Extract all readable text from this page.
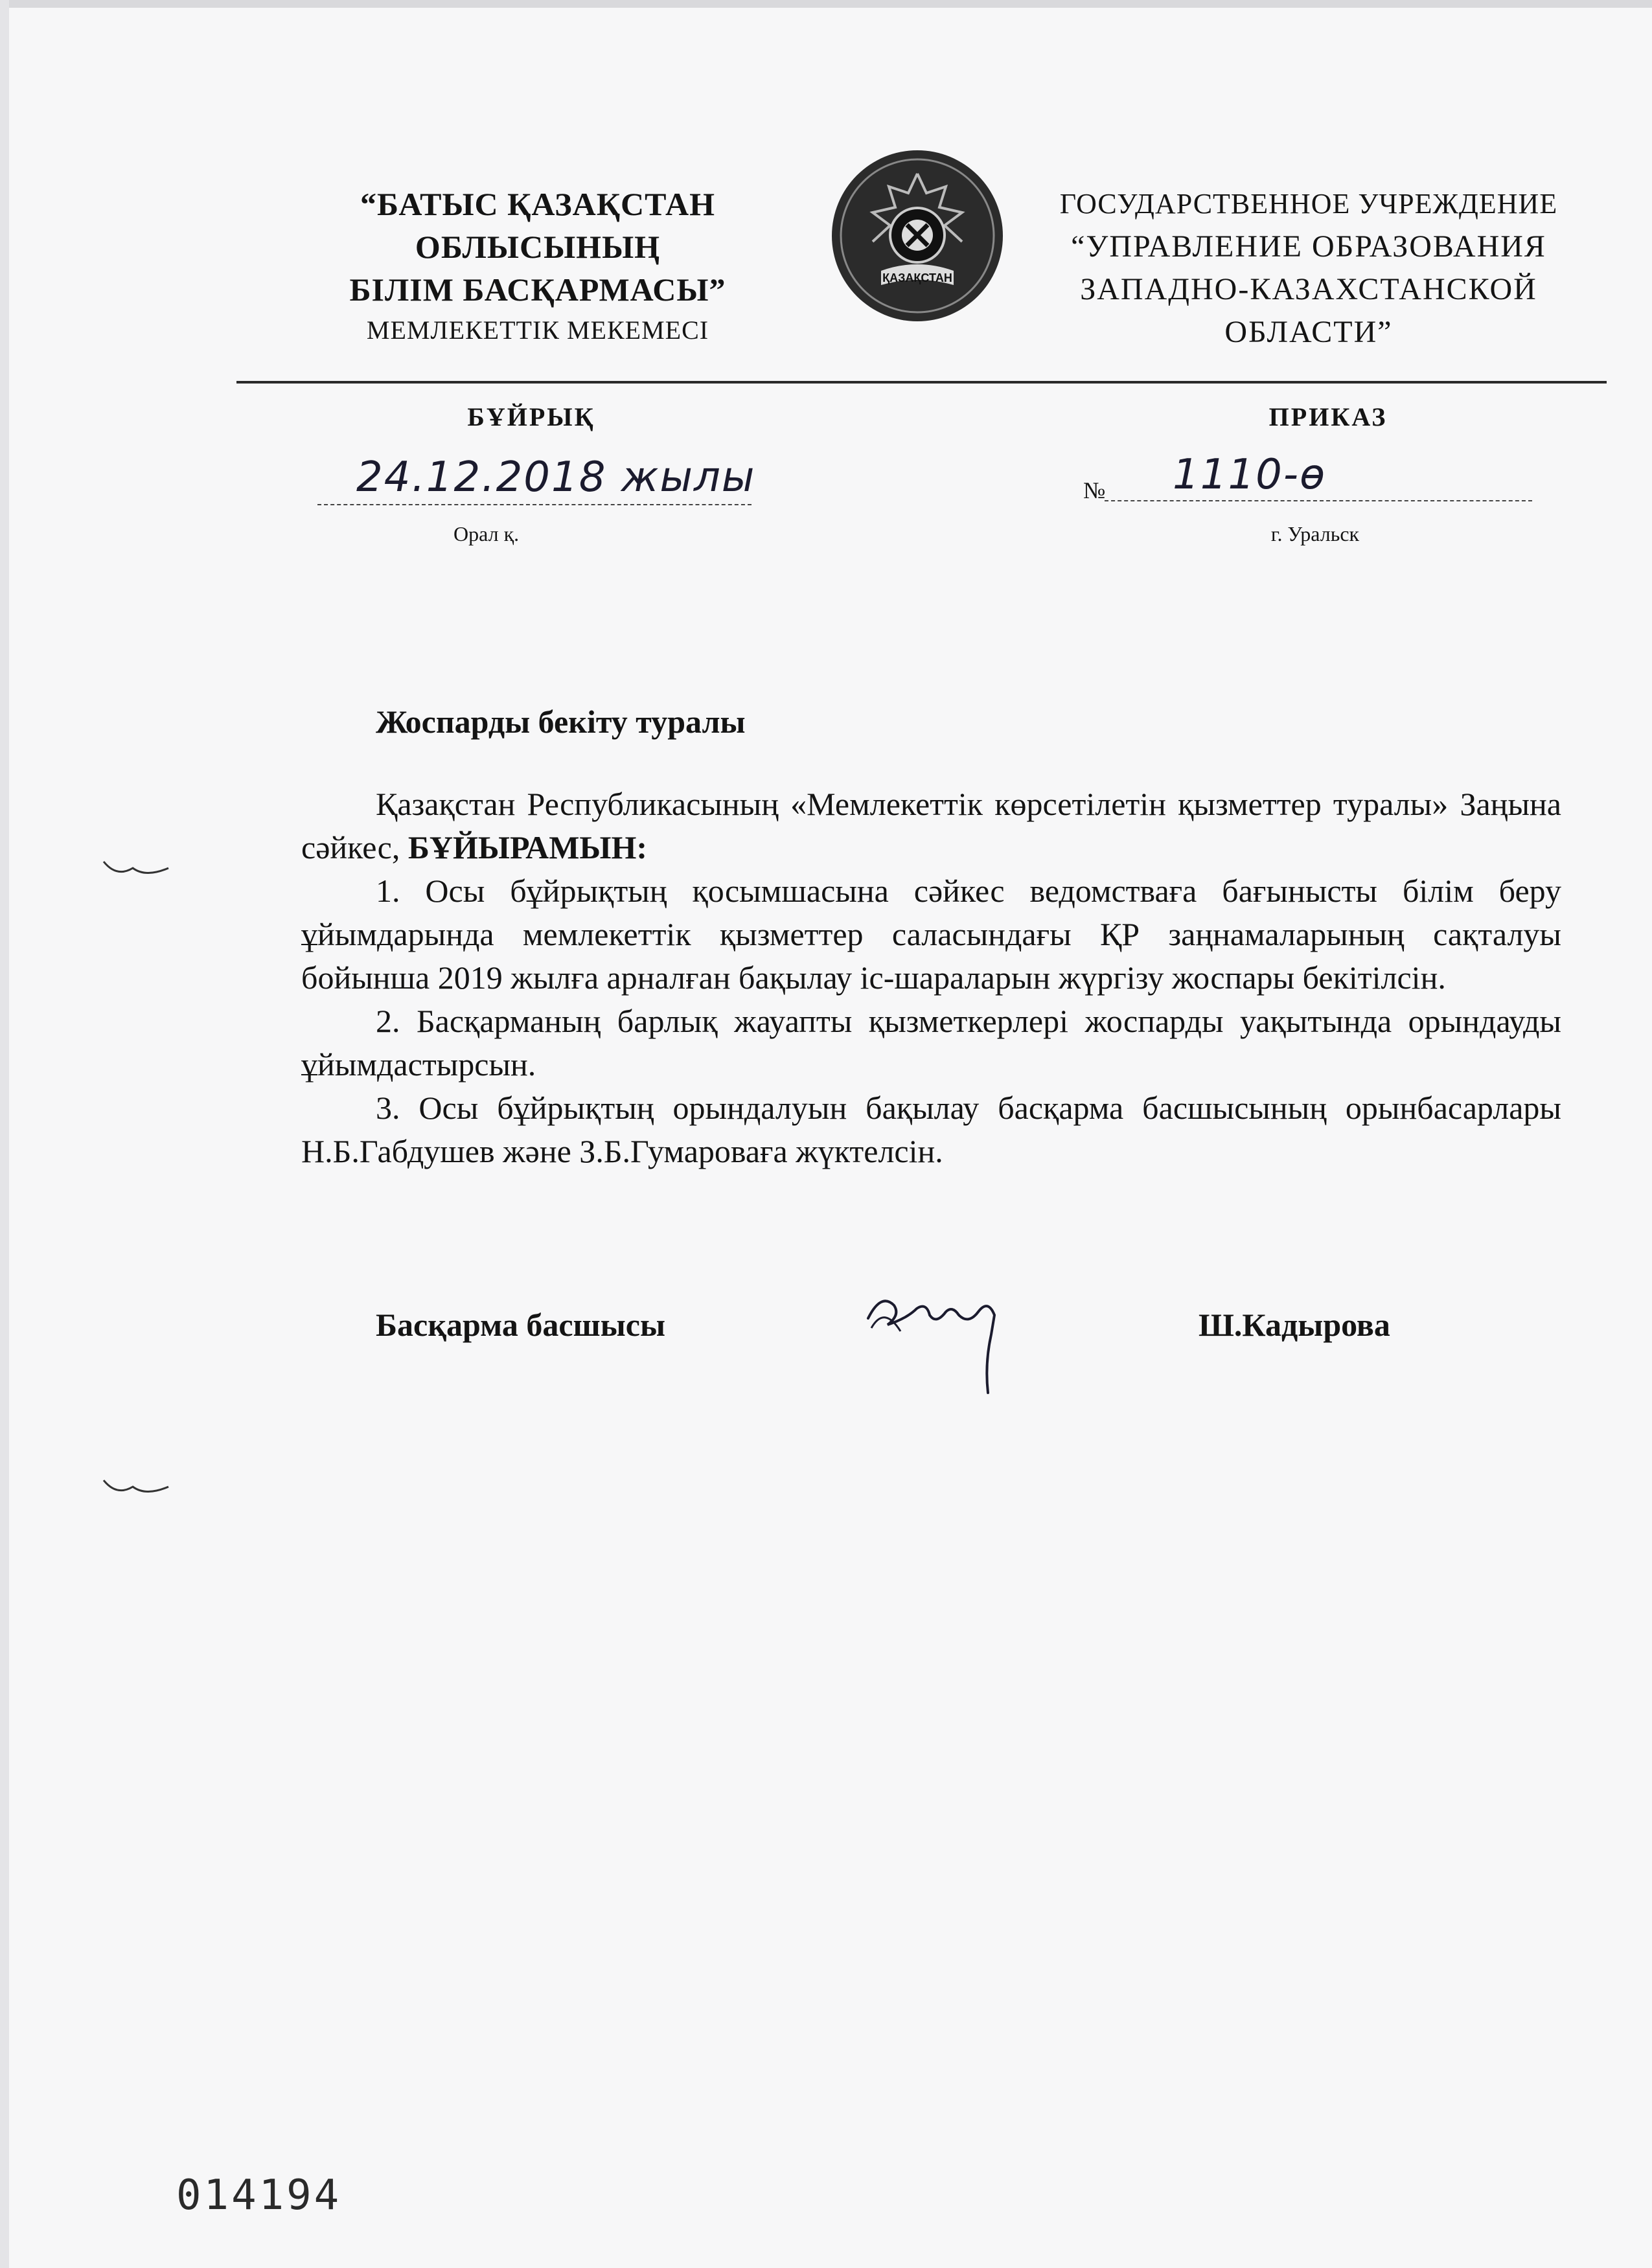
“БАТЫС ҚАЗАҚСТАН
ОБЛЫСЫНЫҢ
БІЛІМ БАСҚАРМАСЫ”
МЕМЛЕКЕТТІК МЕКЕМЕСІ
ҚАЗАҚСТАН
ГОСУДАРСТВЕННОЕ УЧРЕЖДЕНИЕ
“УПРАВЛЕНИЕ ОБРАЗОВАНИЯ
ЗАПАДНО-КАЗАХСТАНСКОЙ
ОБЛАСТИ”
БҰЙРЫҚ	ПРИКАЗ
24.12.2018 жылы	№ 1110-ө
Орал қ.	г. Уральск
Жоспарды бекіту туралы

Қазақстан Республикасының «Мемлекеттік көрсетілетін қызметтер туралы» Заңына сәйкес, БҰЙЫРАМЫН:

1. Осы бұйрықтың қосымшасына сәйкес ведомстваға бағынысты білім беру ұйымдарында мемлекеттік қызметтер саласындағы ҚР заңнамаларының сақталуы бойынша 2019 жылға арналған бақылау іс-шараларын жүргізу жоспары бекітілсін.

2. Басқарманың барлық жауапты қызметкерлері жоспарды уақытында орындауды ұйымдастырсын.

3. Осы бұйрықтың орындалуын бақылау басқарма басшысының орынбасарлары Н.Б.Габдушев және З.Б.Гумароваға жүктелсін.

Басқарма басшысы	Ш.Кадырова
014194
